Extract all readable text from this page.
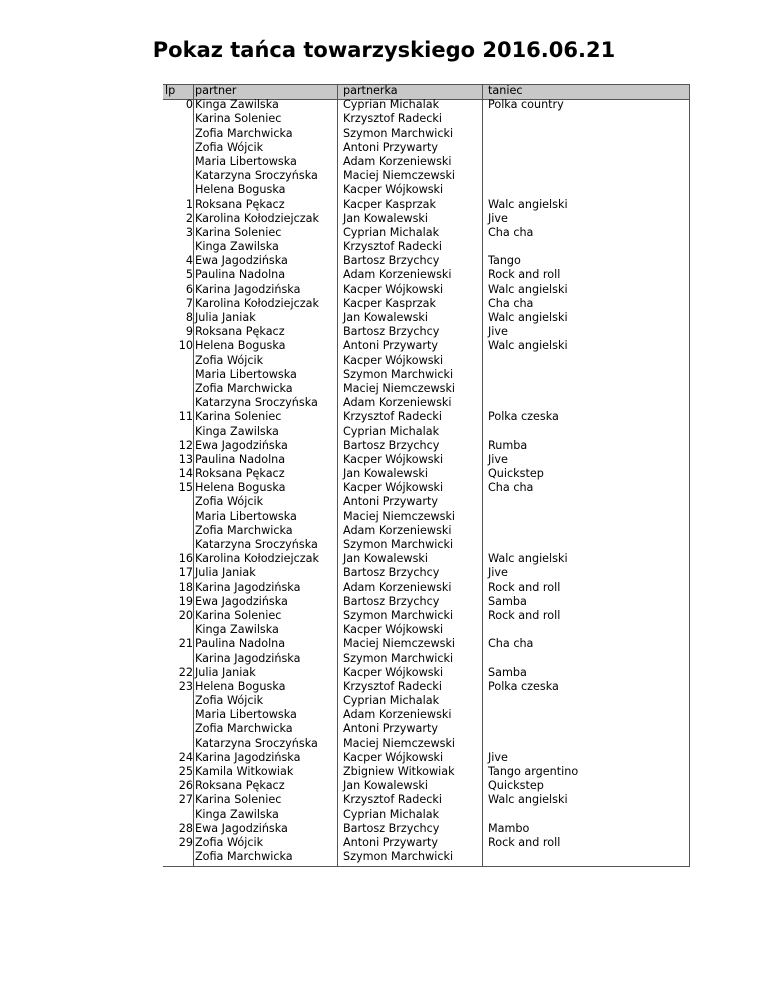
Pokaz tańca towarzyskiego 2016.06.21
lp
0
1
2
3
4
5
6
7
8
9
10
11
12
13
14
15
16
17
18
19
20
21
22
23
24
25
26
27
28
29
partner
Kinga Zawilska
Karina Soleniec
Zofia Marchwicka
Zofia Wójcik
Maria Libertowska
Katarzyna Sroczyńska
Helena Boguska
Roksana Pękacz
Karolina Kołodziejczak
Karina Soleniec
Kinga Zawilska
Ewa Jagodzińska
Paulina Nadolna
Karina Jagodzińska
Karolina Kołodziejczak
Julia Janiak
Roksana Pękacz
Helena Boguska
Zofia Wójcik
Maria Libertowska
Zofia Marchwicka
Katarzyna Sroczyńska
Karina Soleniec
Kinga Zawilska
Ewa Jagodzińska
Paulina Nadolna
Roksana Pękacz
Helena Boguska
Zofia Wójcik
Maria Libertowska
Zofia Marchwicka
Katarzyna Sroczyńska
Karolina Kołodziejczak
Julia Janiak
Karina Jagodzińska
Ewa Jagodzińska
Karina Soleniec
Kinga Zawilska
Paulina Nadolna
Karina Jagodzińska
Julia Janiak
Helena Boguska
Zofia Wójcik
Maria Libertowska
Zofia Marchwicka
Katarzyna Sroczyńska
Karina Jagodzińska
Kamila Witkowiak
Roksana Pękacz
Karina Soleniec
Kinga Zawilska
Ewa Jagodzińska
Zofia Wójcik
Zofia Marchwicka
partnerka
Cyprian Michalak
Krzysztof Radecki
Szymon Marchwicki
Antoni Przywarty
Adam Korzeniewski
Maciej Niemczewski
Kacper Wójkowski
Kacper Kasprzak
Jan Kowalewski
Cyprian Michalak
Krzysztof Radecki
Bartosz Brzychcy
Adam Korzeniewski
Kacper Wójkowski
Kacper Kasprzak
Jan Kowalewski
Bartosz Brzychcy
Antoni Przywarty
Kacper Wójkowski
Szymon Marchwicki
Maciej Niemczewski
Adam Korzeniewski
Krzysztof Radecki
Cyprian Michalak
Bartosz Brzychcy
Kacper Wójkowski
Jan Kowalewski
Kacper Wójkowski
Antoni Przywarty
Maciej Niemczewski
Adam Korzeniewski
Szymon Marchwicki
Jan Kowalewski
Bartosz Brzychcy
Adam Korzeniewski
Bartosz Brzychcy
Szymon Marchwicki
Kacper Wójkowski
Maciej Niemczewski
Szymon Marchwicki
Kacper Wójkowski
Krzysztof Radecki
Cyprian Michalak
Adam Korzeniewski
Antoni Przywarty
Maciej Niemczewski
Kacper Wójkowski
Zbigniew Witkowiak
Jan Kowalewski
Krzysztof Radecki
Cyprian Michalak
Bartosz Brzychcy
Antoni Przywarty
Szymon Marchwicki
taniec
Polka country
Walc angielski
Jive
Cha cha
Tango
Rock and roll
Walc angielski
Cha cha
Walc angielski
Jive
Walc angielski
Polka czeska
Rumba
Jive
Quickstep
Cha cha
Walc angielski
Jive
Rock and roll
Samba
Rock and roll
Cha cha
Samba
Polka czeska
Jive
Tango argentino
Quickstep
Walc angielski
Mambo
Rock and roll
